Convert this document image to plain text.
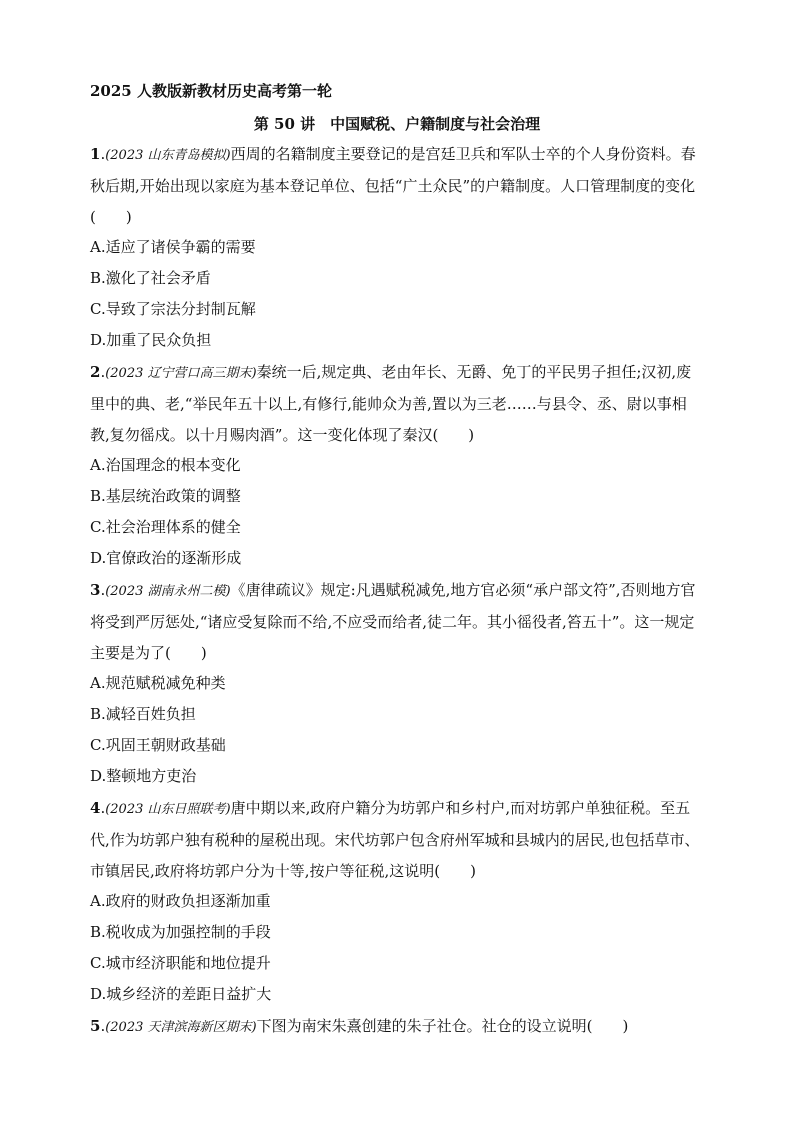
2025 人教版新教材历史高考第一轮
第 50 讲　中国赋税、户籍制度与社会治理
1.(2023 山东青岛模拟)西周的名籍制度主要登记的是宫廷卫兵和军队士卒的个人身份资料。春秋后期,开始出现以家庭为基本登记单位、包括“广土众民”的户籍制度。人口管理制度的变化(　　)
A.适应了诸侯争霸的需要
B.激化了社会矛盾
C.导致了宗法分封制瓦解
D.加重了民众负担
2.(2023 辽宁营口高三期末)秦统一后,规定典、老由年长、无爵、免丁的平民男子担任;汉初,废里中的典、老,“举民年五十以上,有修行,能帅众为善,置以为三老……与县令、丞、尉以事相教,复勿徭戍。以十月赐肉酒”。这一变化体现了秦汉(　　)
A.治国理念的根本变化
B.基层统治政策的调整
C.社会治理体系的健全
D.官僚政治的逐渐形成
3.(2023 湖南永州二模)《唐律疏议》规定:凡遇赋税减免,地方官必须“承户部文符”,否则地方官将受到严厉惩处,“诸应受复除而不给,不应受而给者,徒二年。其小徭役者,笞五十”。这一规定主要是为了(　　)
A.规范赋税减免种类
B.减轻百姓负担
C.巩固王朝财政基础
D.整顿地方吏治
4.(2023 山东日照联考)唐中期以来,政府户籍分为坊郭户和乡村户,而对坊郭户单独征税。至五代,作为坊郭户独有税种的屋税出现。宋代坊郭户包含府州军城和县城内的居民,也包括草市、市镇居民,政府将坊郭户分为十等,按户等征税,这说明(　　)
A.政府的财政负担逐渐加重
B.税收成为加强控制的手段
C.城市经济职能和地位提升
D.城乡经济的差距日益扩大
5.(2023 天津滨海新区期末)下图为南宋朱熹创建的朱子社仓。社仓的设立说明(　　)
